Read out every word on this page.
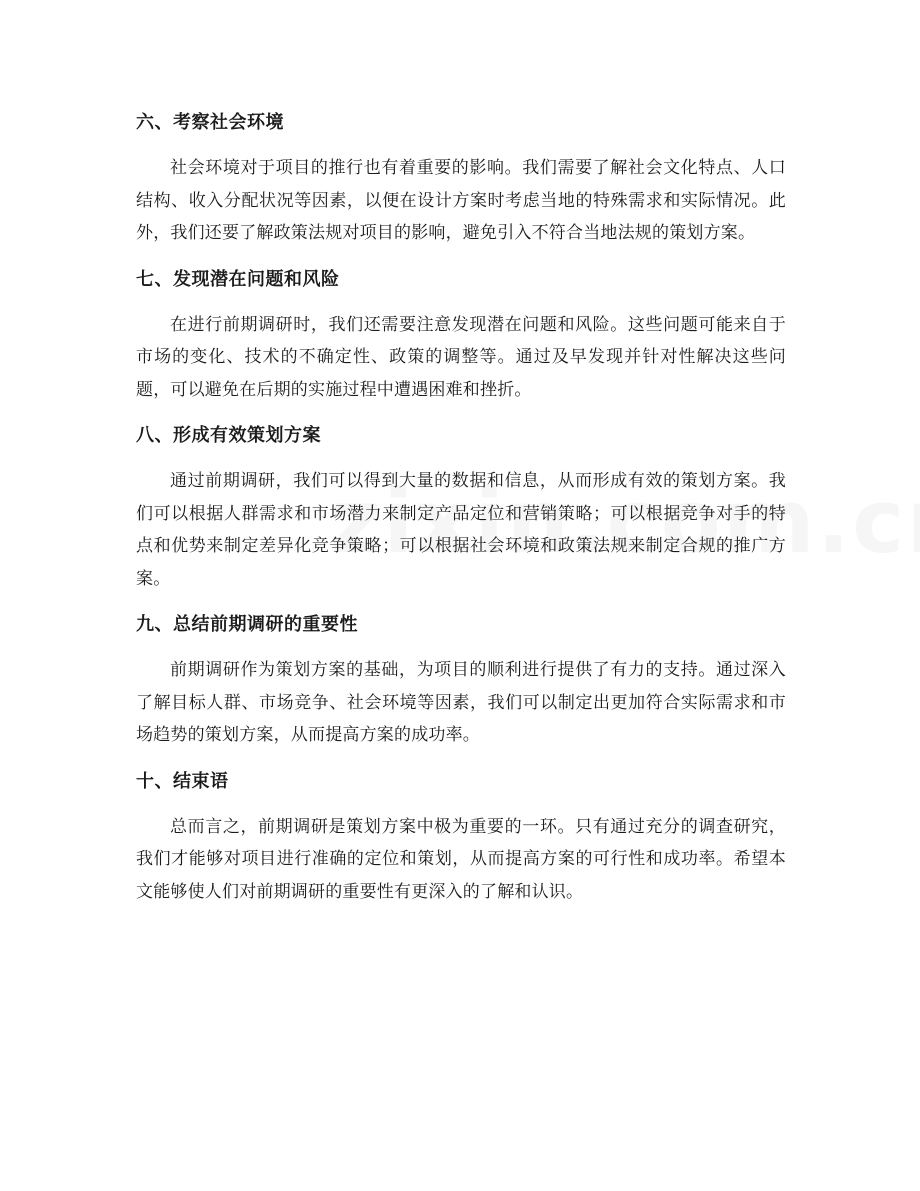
六、考察社会环境

社会环境对于项目的推行也有着重要的影响。我们需要了解社会文化特点、人口结构、收入分配状况等因素，以便在设计方案时考虑当地的特殊需求和实际情况。此外，我们还要了解政策法规对项目的影响，避免引入不符合当地法规的策划方案。

七、发现潜在问题和风险

在进行前期调研时，我们还需要注意发现潜在问题和风险。这些问题可能来自于市场的变化、技术的不确定性、政策的调整等。通过及早发现并针对性解决这些问题，可以避免在后期的实施过程中遭遇困难和挫折。

八、形成有效策划方案

通过前期调研，我们可以得到大量的数据和信息，从而形成有效的策划方案。我们可以根据人群需求和市场潜力来制定产品定位和营销策略；可以根据竞争对手的特点和优势来制定差异化竞争策略；可以根据社会环境和政策法规来制定合规的推广方案。

九、总结前期调研的重要性

前期调研作为策划方案的基础，为项目的顺利进行提供了有力的支持。通过深入了解目标人群、市场竞争、社会环境等因素，我们可以制定出更加符合实际需求和市场趋势的策划方案，从而提高方案的成功率。

十、结束语

总而言之，前期调研是策划方案中极为重要的一环。只有通过充分的调查研究，我们才能够对项目进行准确的定位和策划，从而提高方案的可行性和成功率。希望本文能够使人们对前期调研的重要性有更深入的了解和认识。
